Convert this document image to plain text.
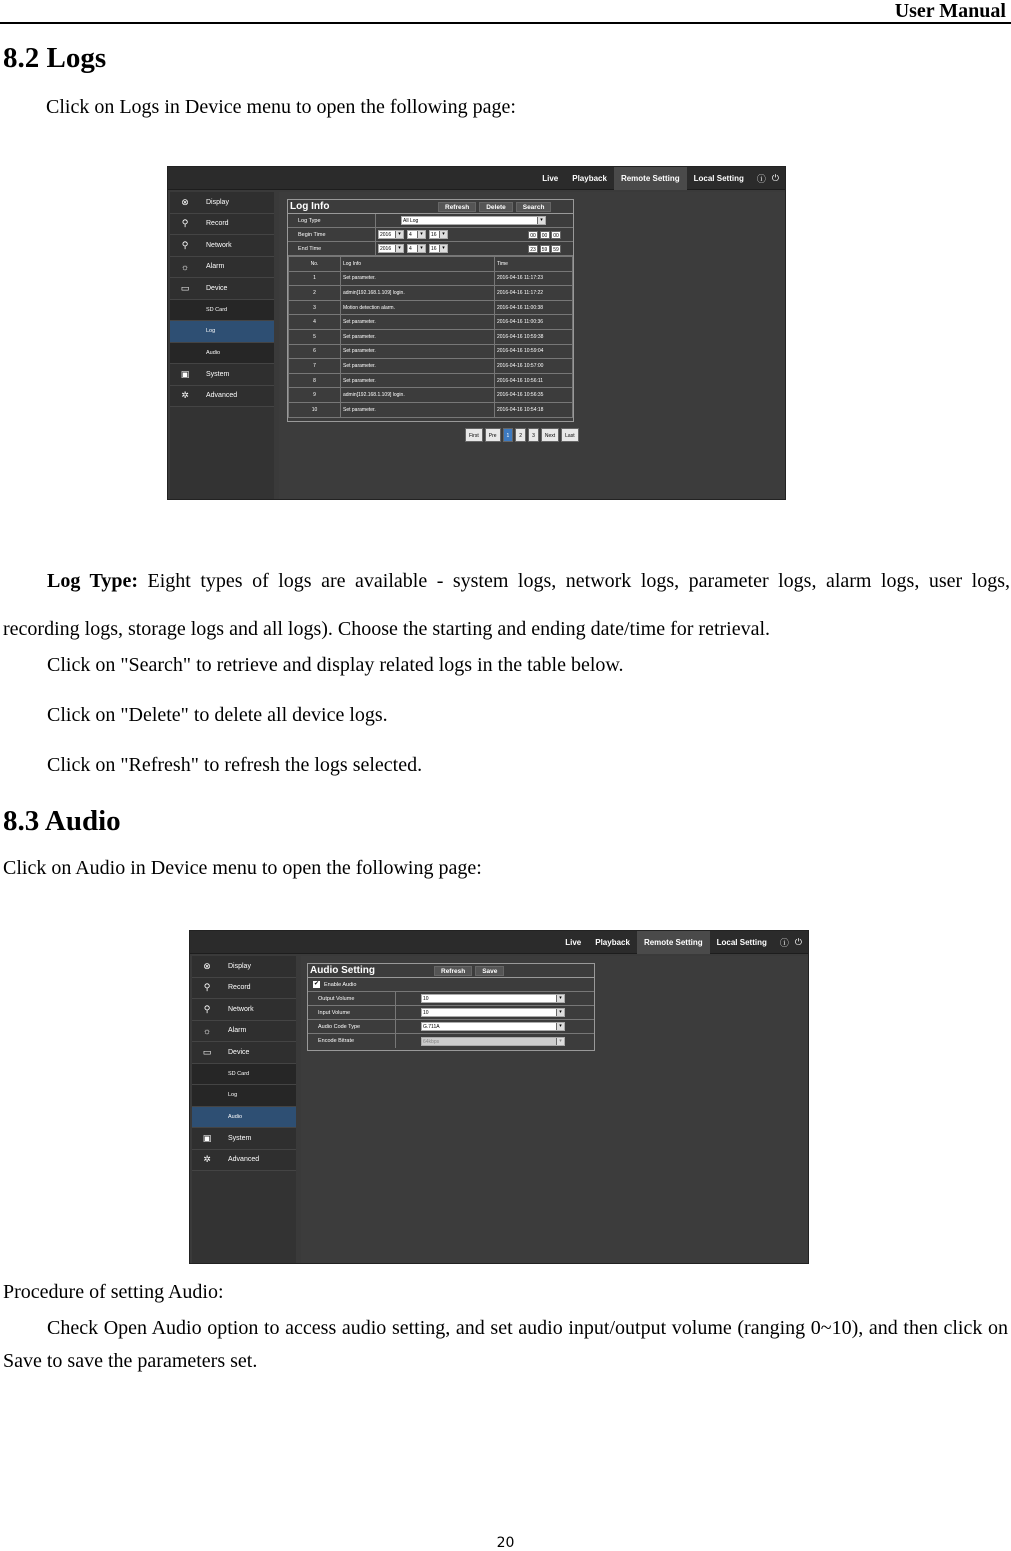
User Manual
8.2 Logs
Click on Logs in Device menu to open the following page:
Live	Playback	Remote Setting	Local Setting	ⓘ ⏻
⊗	Display
⚲	Record
⚲	Network
☼	Alarm
▭	Device
SD Card
Log
Audio
▣	System
✲	Advanced
Log Info	Refresh	Delete	Search
Log Type	All Log	▾
Begin Time	2016	▾	4	▾	16	▾	00 00 00
End Time	2016	▾	4	▾	16	▾	23 59 59
No.	Log Info	Time
1	Set parameter.	2016-04-16 11:17:23
2	admin[192.168.1.109] login.	2016-04-16 11:17:22
3	Motion detection alarm.	2016-04-16 11:00:38
4	Set parameter.	2016-04-16 11:00:36
5	Set parameter.	2016-04-16 10:59:38
6	Set parameter.	2016-04-16 10:59:04
7	Set parameter.	2016-04-16 10:57:00
8	Set parameter.	2016-04-16 10:56:11
9	admin[192.168.1.109] login.	2016-04-16 10:56:35
10	Set parameter.	2016-04-16 10:54:18
First	Pre	1	2	3	Next	Last
Log Type: Eight types of logs are available - system logs, network logs, parameter logs, alarm logs, user logs, recording logs, storage logs and all logs). Choose the starting and ending date/time for retrieval.
Click on "Search" to retrieve and display related logs in the table below.
Click on "Delete" to delete all device logs.
Click on "Refresh" to refresh the logs selected.
8.3 Audio
Click on Audio in Device menu to open the following page:
Live	Playback	Remote Setting	Local Setting	ⓘ ⏻
⊗	Display
⚲	Record
⚲	Network
☼	Alarm
▭	Device
SD Card
Log
Audio
▣	System
✲	Advanced
Audio Setting	Refresh	Save
✔ Enable Audio
Output Volume	10	▾
Input Volume	10	▾
Audio Code Type	G.711A	▾
Encode Bitrate	64kbps	▾
Procedure of setting Audio:
Check Open Audio option to access audio setting, and set audio input/output volume (ranging 0~10), and then click on Save to save the parameters set.
20
